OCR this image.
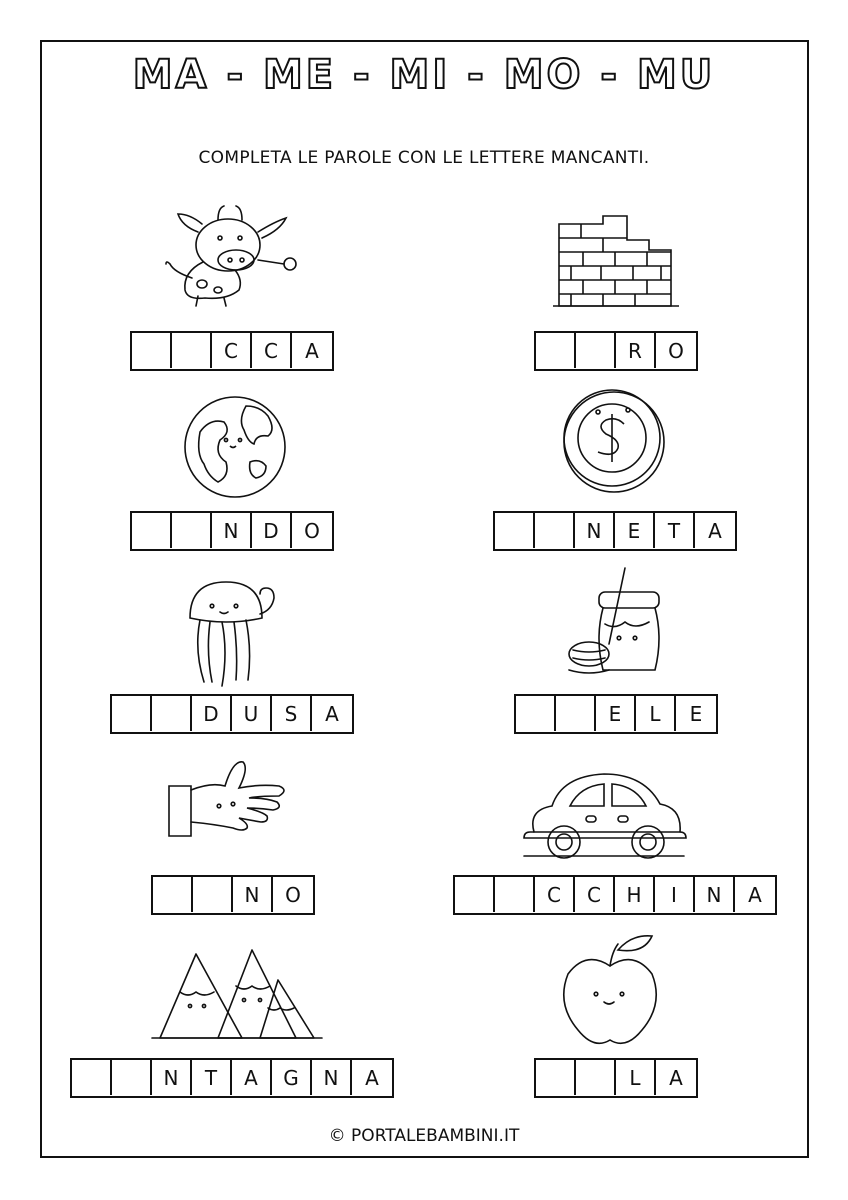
MA - ME - MI - MO - MU
COMPLETA LE PAROLE CON LE LETTERE MANCANTI.
C	C	A	R	O
N	D	O	N	E	T	A
D	U	S	A	E	L	E
N	O	C	C	H	I	N	A
N	T	A	G	N	A	L	A
© PORTALEBAMBINI.IT
